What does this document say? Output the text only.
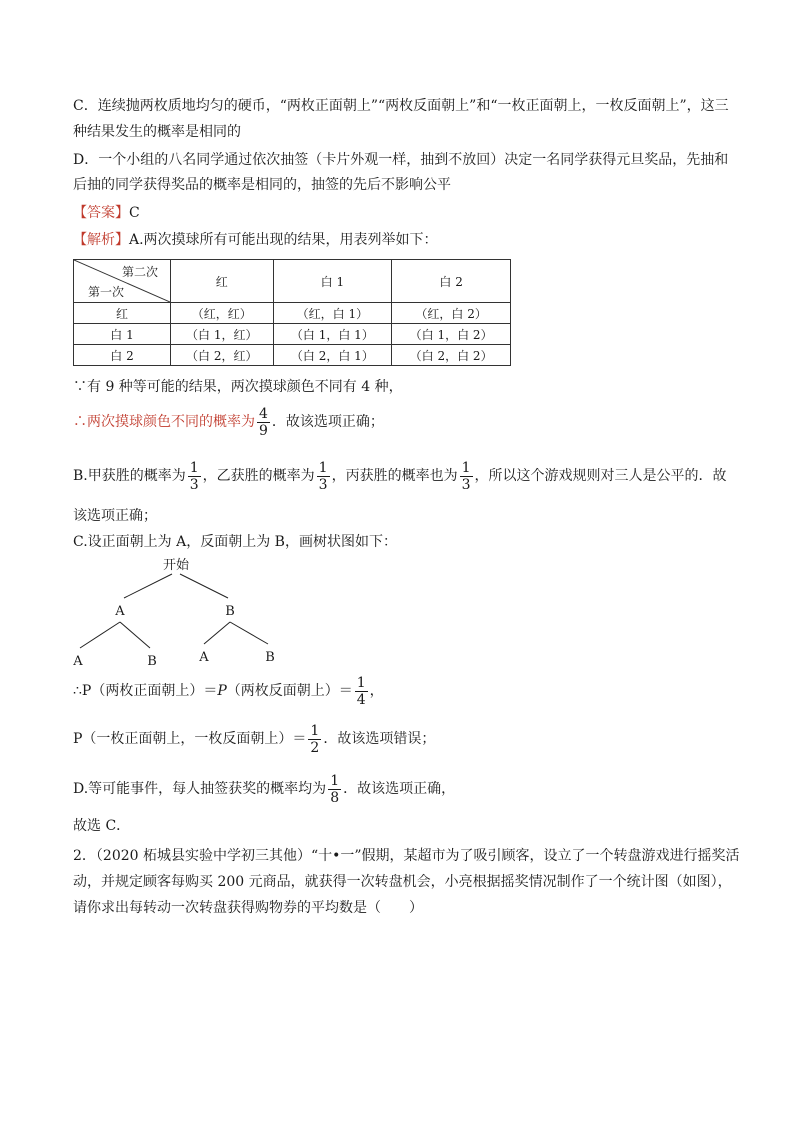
C．连续抛两枚质地均匀的硬币，“两枚正面朝上”“两枚反面朝上”和“一枚正面朝上，一枚反面朝上”，这三
种结果发生的概率是相同的
D．一个小组的八名同学通过依次抽签（卡片外观一样，抽到不放回）决定一名同学获得元旦奖品，先抽和
后抽的同学获得奖品的概率是相同的，抽签的先后不影响公平
【答案】C
【解析】A.两次摸球所有可能出现的结果，用表列举如下：
第二次
第一次	红	白 1	白 2
红	（红，红）	（红，白 1）	（红，白 2）
白 1	（白 1，红）	（白 1，白 1）	（白 1，白 2）
白 2	（白 2，红）	（白 2，白 1）	（白 2，白 2）
∵有 9 种等可能的结果，两次摸球颜色不同有 4 种，
∴两次摸球颜色不同的概率为 $\frac{4}{9}$ ．故该选项正确；
B.甲获胜的概率为 $\frac{1}{3}$ ，乙获胜的概率为 $\frac{1}{3}$ ，丙获胜的概率也为 $\frac{1}{3}$ ，所以这个游戏规则对三人是公平的．故
该选项正确；
C.设正面朝上为 A，反面朝上为 B，画树状图如下：
开始
A	B
A	B	A	B
∴P（两枚正面朝上）＝P（两枚反面朝上）＝ $\frac{1}{4}$ ，
P（一枚正面朝上，一枚反面朝上）＝ $\frac{1}{2}$ ．故该选项错误；
D.等可能事件，每人抽签获奖的概率均为 $\frac{1}{8}$ ．故该选项正确，
故选 C．
2．（2020 柘城县实验中学初三其他）“十•一”假期，某超市为了吸引顾客，设立了一个转盘游戏进行摇奖活
动，并规定顾客每购买 200 元商品，就获得一次转盘机会，小亮根据摇奖情况制作了一个统计图（如图），
请你求出每转动一次转盘获得购物券的平均数是（　　）
